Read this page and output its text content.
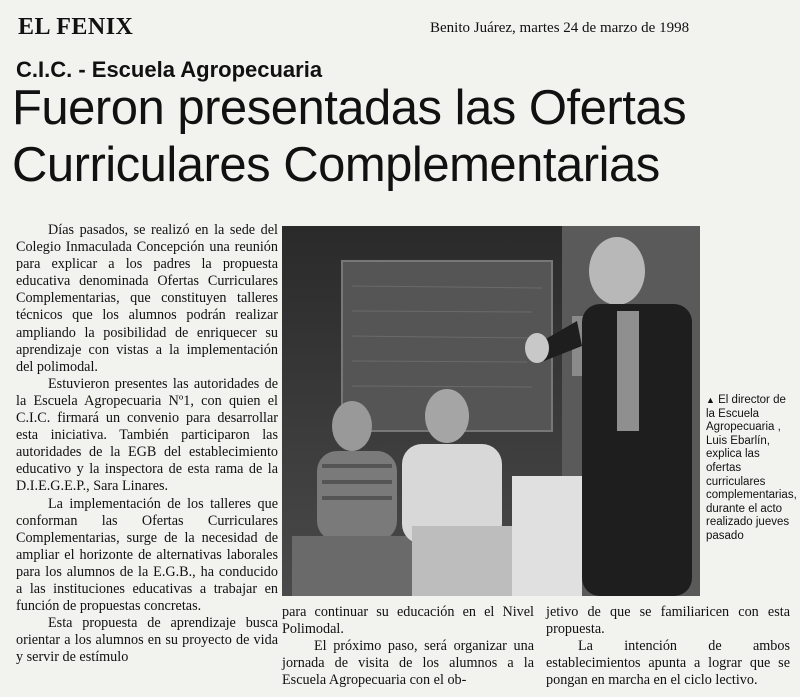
EL FENIX	Benito Juárez, martes 24 de marzo de 1998
C.I.C. - Escuela Agropecuaria
Fueron presentadas las Ofertas Curriculares Complementarias

Días pasados, se realizó en la sede del Colegio Inmaculada Concepción una reunión para explicar a los padres la propuesta educativa denominada Ofertas Curriculares Complementarias, que constituyen talleres técnicos que los alumnos podrán realizar ampliando la posibilidad de enriquecer su aprendizaje con vistas a la implementación del polimodal.

Estuvieron presentes las autoridades de la Escuela Agropecuaria Nº1, con quien el C.I.C. firmará un convenio para desarrollar esta iniciativa. También participaron las autoridades de la EGB del establecimiento educativo y la inspectora de esta rama de la D.I.E.G.E.P., Sara Linares.

La implementación de los talleres que conforman las Ofertas Curriculares Complementarias, surge de la necesidad de ampliar el horizonte de alternativas laborales para los alumnos de la E.G.B., ha conducido a las instituciones educativas a trabajar en función de propuestas concretas.

Esta propuesta de aprendizaje busca orientar a los alumnos en su proyecto de vida y servir de estímulo

▲ El director de la Escuela Agropecuaria , Luis Ebarlín, explica las ofertas curriculares complementarias, durante el acto realizado jueves pasado

para continuar su educación en el Nivel Polimodal.

El próximo paso, será organizar una jornada de visita de los alumnos a la Escuela Agropecuaria con el ob-

jetivo de que se familiaricen con esta propuesta.

La intención de ambos establecimientos apunta a lograr que se pongan en marcha en el ciclo lectivo.
